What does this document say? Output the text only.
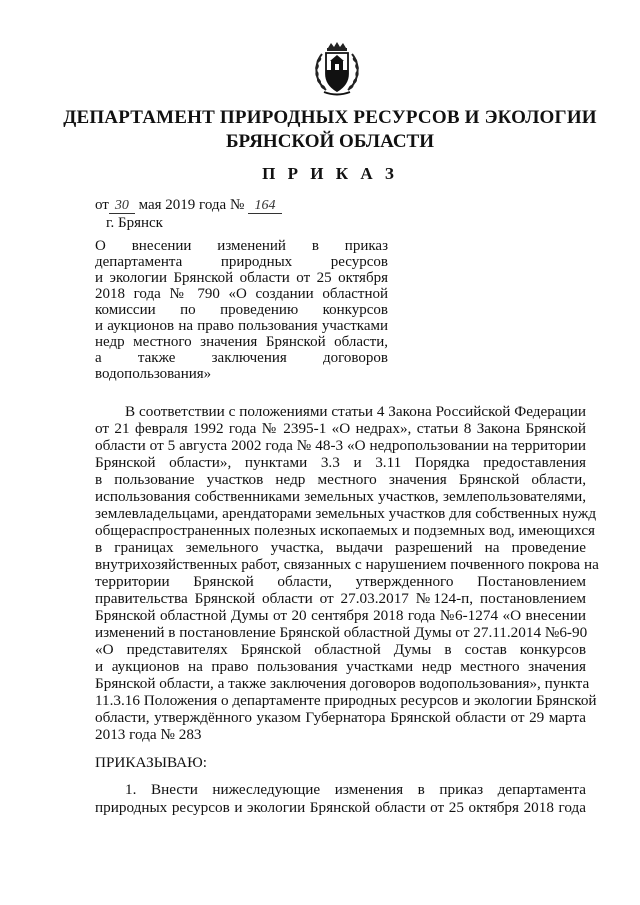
ДЕПАРТАМЕНТ ПРИРОДНЫХ РЕСУРСОВ И ЭКОЛОГИИ
БРЯНСКОЙ ОБЛАСТИ
П Р И К А З
от 30 мая 2019 года № 164
г. Брянск
О внесении изменений в приказ
департамента природных ресурсов
и экологии Брянской области от 25 октября
2018 года № 790 «О создании областной
комиссии по проведению конкурсов
и аукционов на право пользования участками
недр местного значения Брянской области,
а также заключения договоров
водопользования»
В соответствии с положениями статьи 4 Закона Российской Федерации
от 21 февраля 1992 года № 2395-1 «О недрах», статьи 8 Закона Брянской
области от 5 августа 2002 года № 48-3 «О недропользовании на территории
Брянской области», пунктами 3.3 и 3.11 Порядка предоставления
в пользование участков недр местного значения Брянской области,
использования собственниками земельных участков, землепользователями,
землевладельцами, арендаторами земельных участков для собственных нужд
общераспространенных полезных ископаемых и подземных вод, имеющихся
в границах земельного участка, выдачи разрешений на проведение
внутрихозяйственных работ, связанных с нарушением почвенного покрова на
территории Брянской области, утвержденного Постановлением
правительства Брянской области от 27.03.2017 №124-п, постановлением
Брянской областной Думы от 20 сентября 2018 года №6-1274 «О внесении
изменений в постановление Брянской областной Думы от 27.11.2014 №6-90
«О представителях Брянской областной Думы в состав конкурсов
и аукционов на право пользования участками недр местного значения
Брянской области, а также заключения договоров водопользования», пункта
11.3.16 Положения о департаменте природных ресурсов и экологии Брянской
области, утверждённого указом Губернатора Брянской области от 29 марта
2013 года № 283
ПРИКАЗЫВАЮ:
1. Внести нижеследующие изменения в приказ департамента
природных ресурсов и экологии Брянской области от 25 октября 2018 года
